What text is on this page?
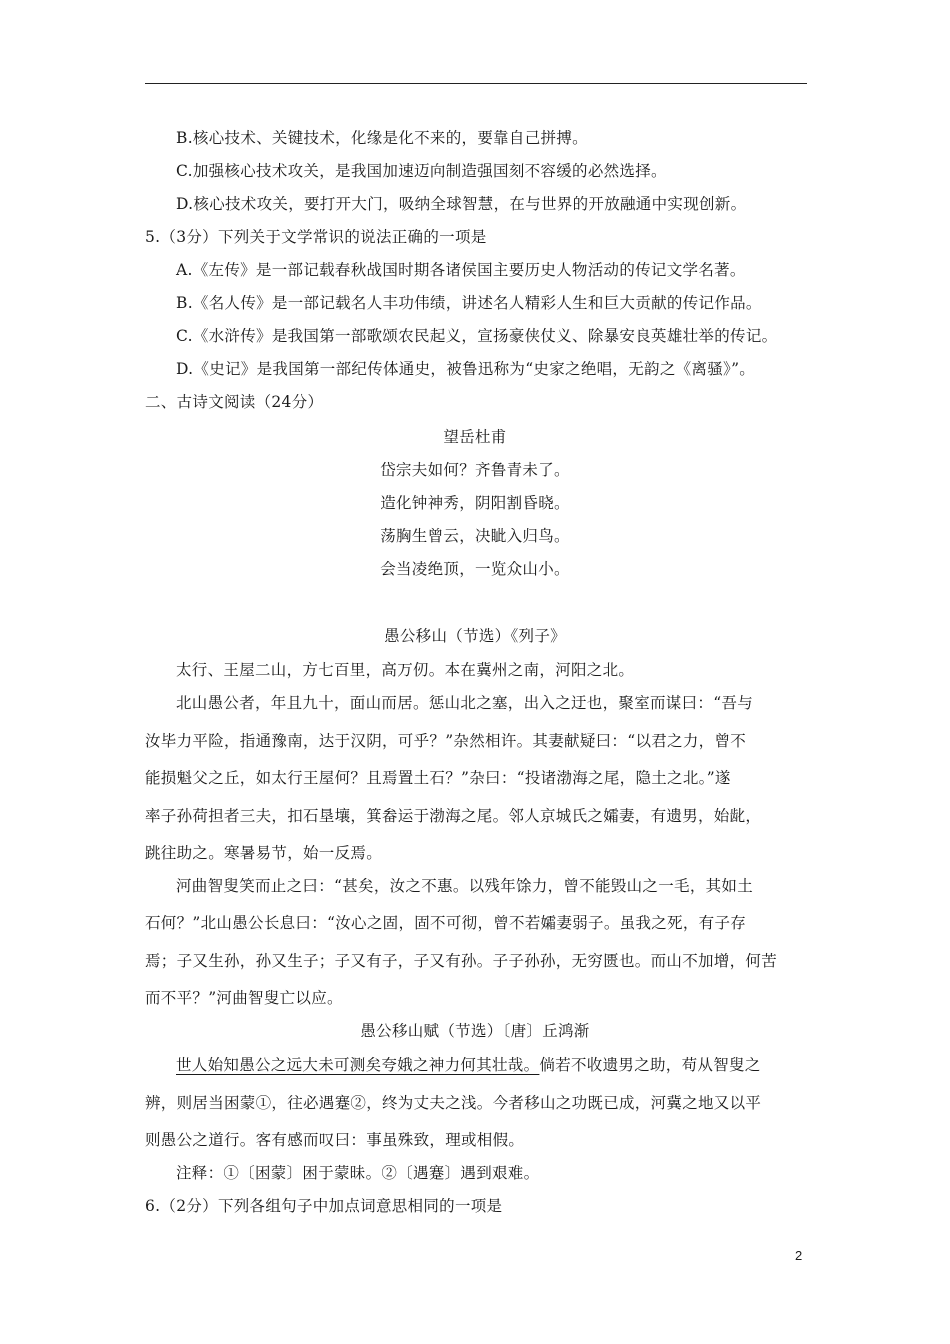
B.核心技术、关键技术，化缘是化不来的，要靠自己拼搏。
C.加强核心技术攻关，是我国加速迈向制造强国刻不容缓的必然选择。
D.核心技术攻关，要打开大门，吸纳全球智慧，在与世界的开放融通中实现创新。
5.（3分）下列关于文学常识的说法正确的一项是
A.《左传》是一部记载春秋战国时期各诸侯国主要历史人物活动的传记文学名著。
B.《名人传》是一部记载名人丰功伟绩，讲述名人精彩人生和巨大贡献的传记作品。
C.《水浒传》是我国第一部歌颂农民起义，宣扬豪侠仗义、除暴安良英雄壮举的传记。
D.《史记》是我国第一部纪传体通史，被鲁迅称为“史家之绝唱，无韵之《离骚》”。
二、古诗文阅读（24分）
望岳杜甫
岱宗夫如何？齐鲁青未了。
造化钟神秀，阴阳割昏晓。
荡胸生曾云，决眦入归鸟。
会当凌绝顶，一览众山小。
愚公移山（节选）《列子》
太行、王屋二山，方七百里，高万仞。本在冀州之南，河阳之北。
北山愚公者，年且九十，面山而居。惩山北之塞，出入之迂也，聚室而谋曰：“吾与
汝毕力平险，指通豫南，达于汉阴，可乎？”杂然相许。其妻献疑曰：“以君之力，曾不
能损魁父之丘，如太行王屋何？且焉置土石？”杂曰：“投诸渤海之尾，隐土之北。”遂
率子孙荷担者三夫，扣石垦壤，箕畚运于渤海之尾。邻人京城氏之孀妻，有遗男，始龀，
跳往助之。寒暑易节，始一反焉。
河曲智叟笑而止之曰：“甚矣，汝之不惠。以残年馀力，曾不能毁山之一毛，其如土
石何？”北山愚公长息曰：“汝心之固，固不可彻，曾不若孀妻弱子。虽我之死，有子存
焉；子又生孙，孙又生子；子又有子，子又有孙。子子孙孙，无穷匮也。而山不加增，何苦
而不平？”河曲智叟亡以应。
愚公移山赋（节选）〔唐〕丘鸿渐
世人始知愚公之远大未可测矣夸娥之神力何其壮哉。倘若不收遗男之助，苟从智叟之
辨，则居当困蒙①，往必遇蹇②，终为丈夫之浅。今者移山之功既已成，河冀之地又以平
则愚公之道行。客有感而叹曰：事虽殊致，理或相假。
注释：①〔困蒙〕困于蒙昧。②〔遇蹇〕遇到艰难。
6.（2分）下列各组句子中加点词意思相同的一项是
2
